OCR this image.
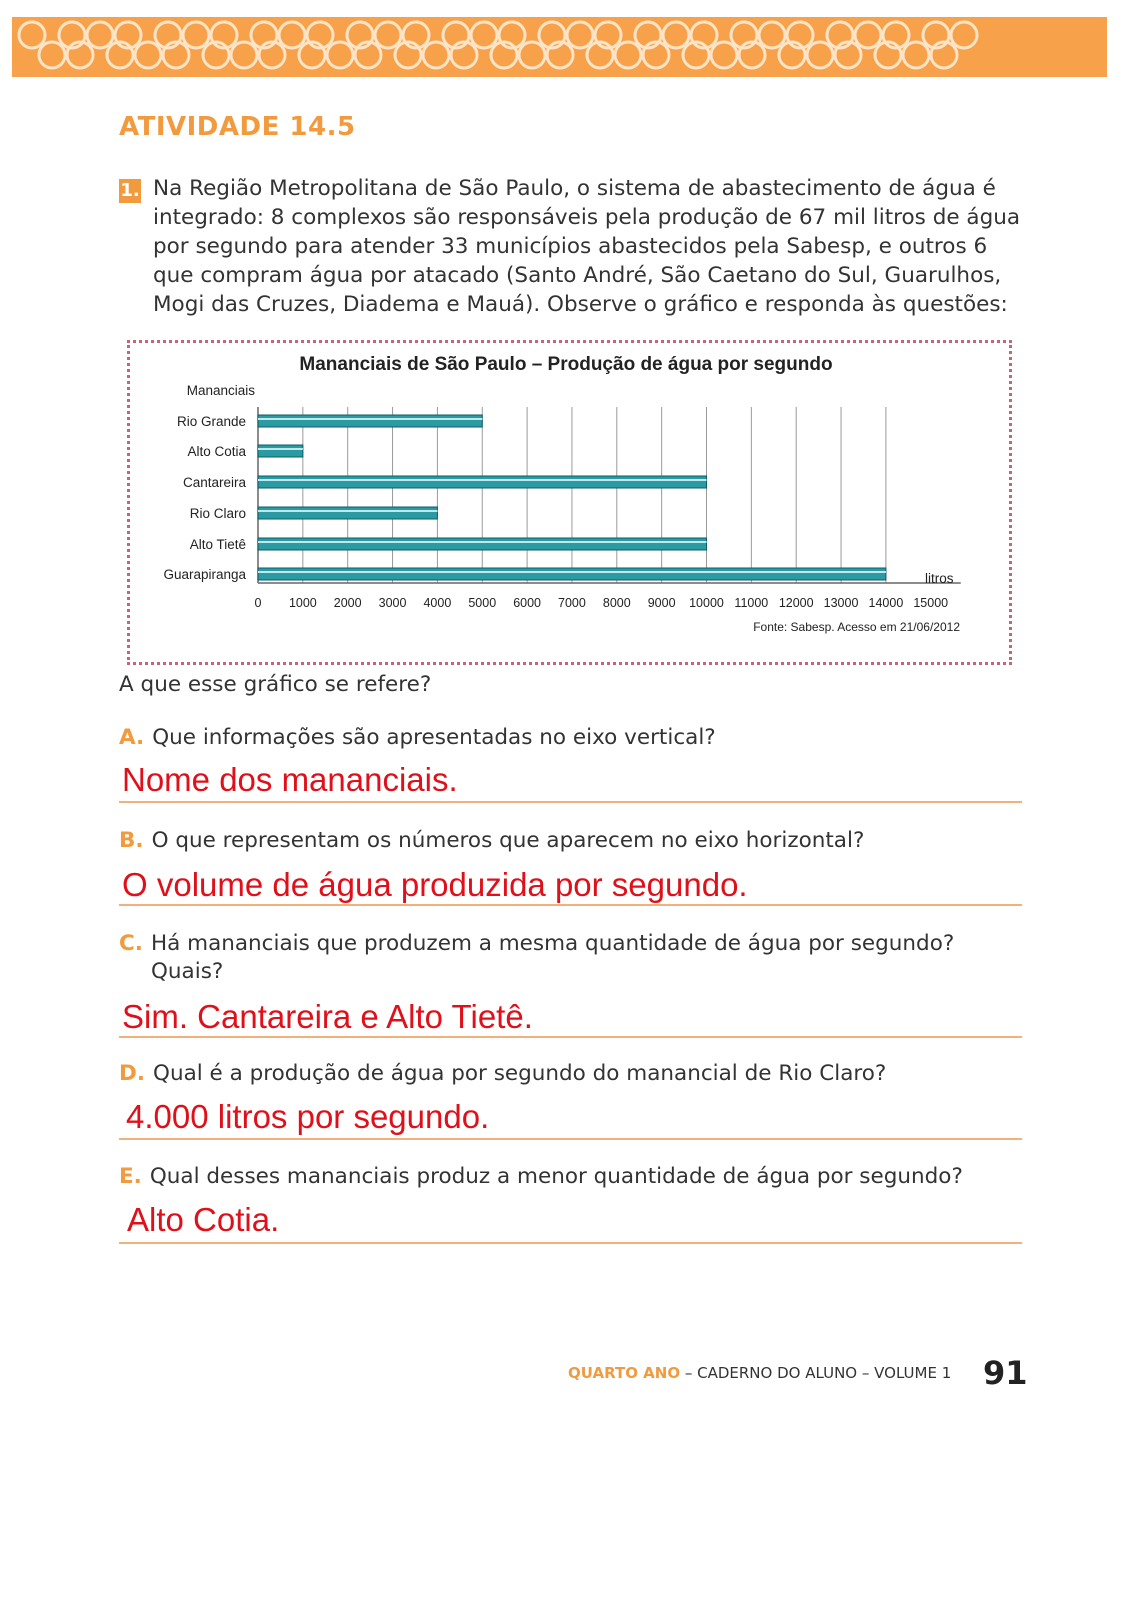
ATIVIDADE 14.5
1. Na Região Metropolitana de São Paulo, o sistema de abastecimento de água é integrado: 8 complexos são responsáveis pela produção de 67 mil litros de água por segundo para atender 33 municípios abastecidos pela Sabesp, e outros 6 que compram água por atacado (Santo André, São Caetano do Sul, Guarulhos, Mogi das Cruzes, Diadema e Mauá). Observe o gráfico e responda às questões:
Mananciais de São Paulo – Produção de água por segundo
Mananciais
Rio Grande
Alto Cotia
Cantareira
Rio Claro
Alto Tietê
Guarapiranga
0 1000 2000 3000 4000 5000 6000 7000 8000 9000 10000 11000 12000 13000 14000 15000
litros
Fonte: Sabesp. Acesso em 21/06/2012
A que esse gráfico se refere?
A. Que informações são apresentadas no eixo vertical?
Nome dos mananciais.
B. O que representam os números que aparecem no eixo horizontal?
O volume de água produzida por segundo.
C. Há mananciais que produzem a mesma quantidade de água por segundo?
Quais?
Sim. Cantareira e Alto Tietê.
D. Qual é a produção de água por segundo do manancial de Rio Claro?
4.000 litros por segundo.
E. Qual desses mananciais produz a menor quantidade de água por segundo?
Alto Cotia.
QUARTO ANO – CADERNO DO ALUNO – VOLUME 1 91
